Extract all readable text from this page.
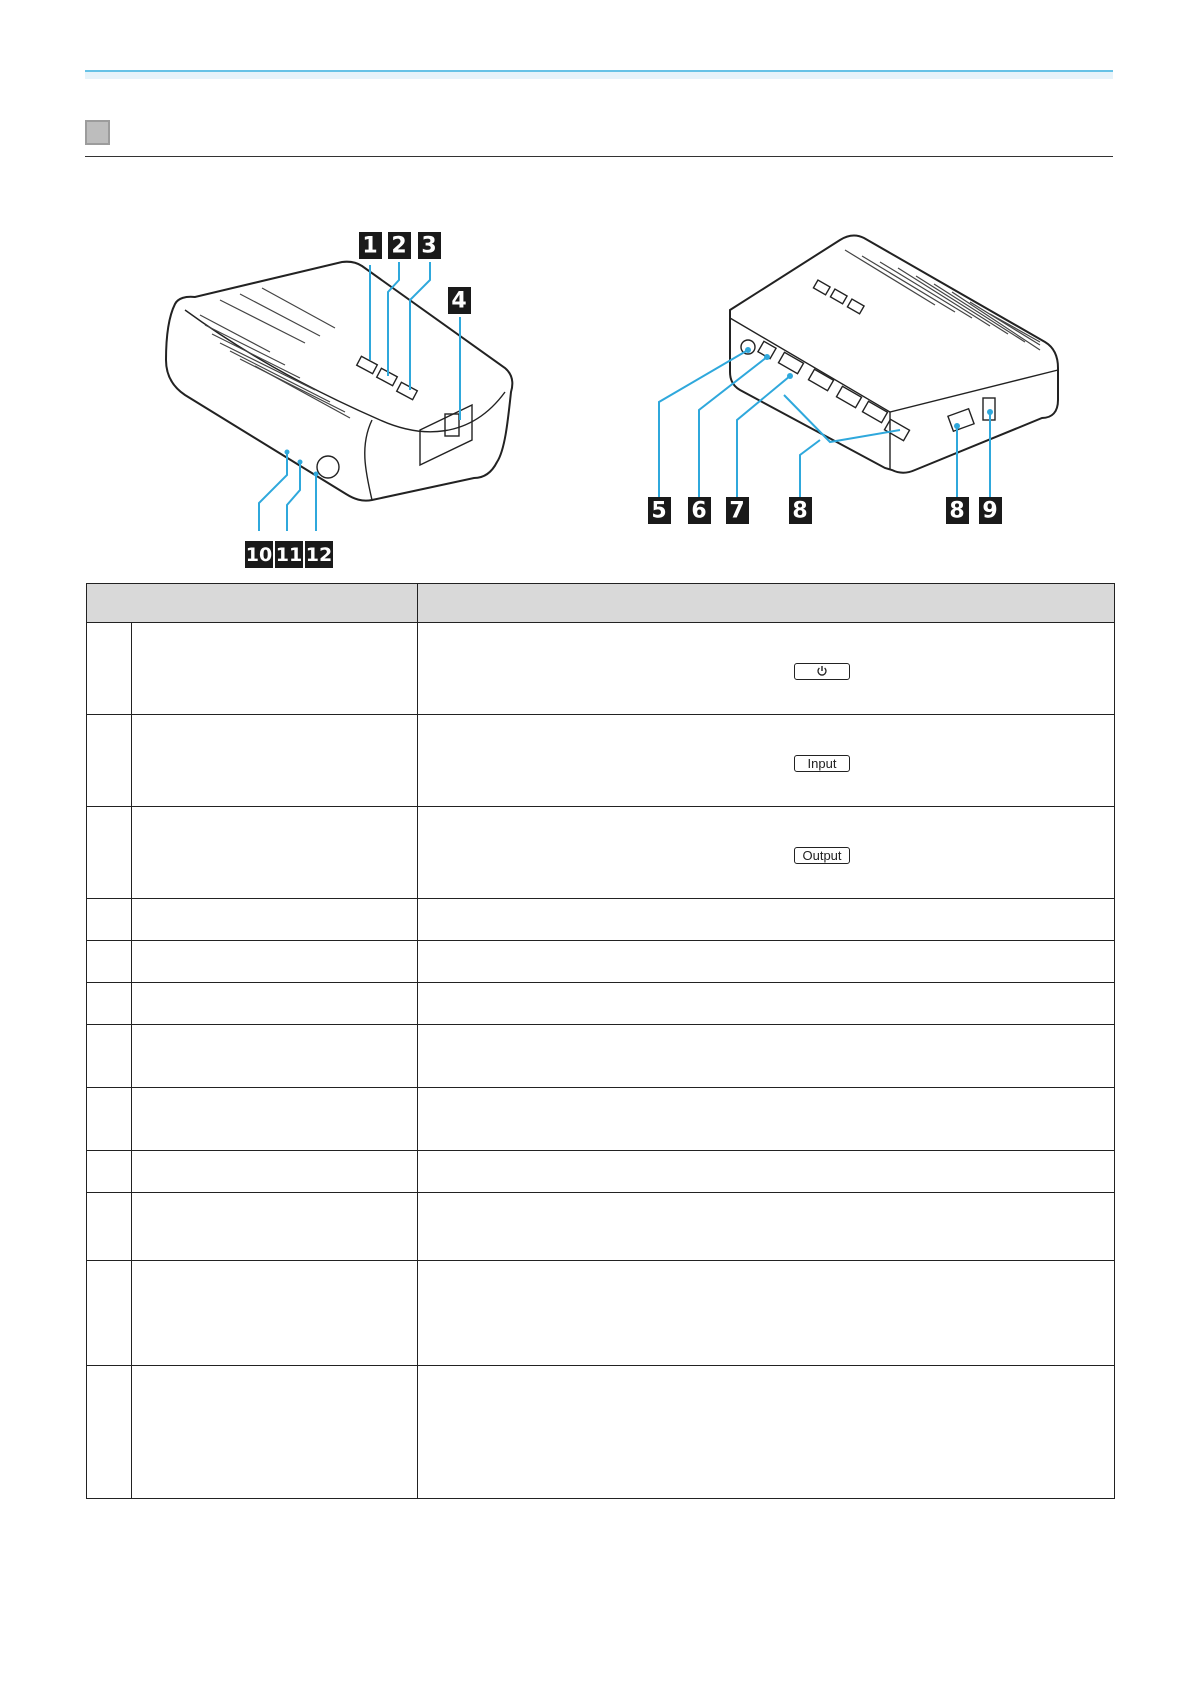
1 2 3
4
10 11 12
5 6 7 8	8 9

		Input

		Output
